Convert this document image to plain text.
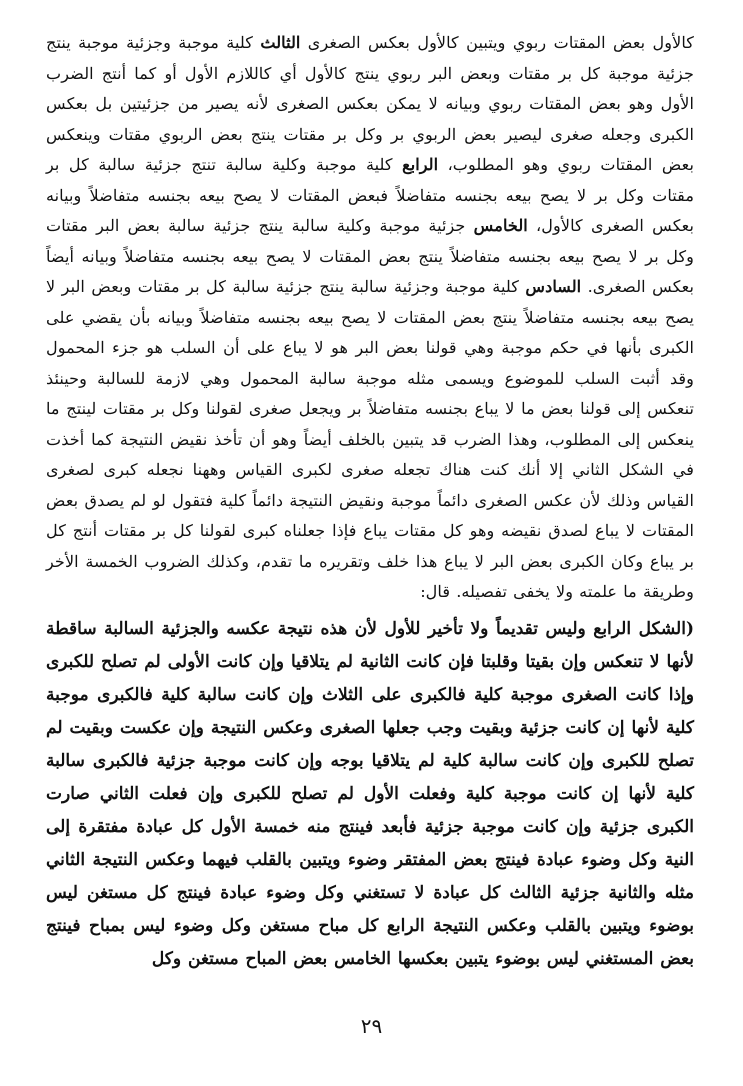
كالأول بعض المقتات ربوي ويتبين كالأول بعكس الصغرى الثالث كلية موجبة وجزئية موجبة ينتج جزئية موجبة كل بر مقتات وبعض البر ربوي ينتج كالأول أي كاللازم الأول أو كما أنتج الضرب الأول وهو بعض المقتات ربوي وبيانه لا يمكن بعكس الصغرى لأنه يصير من جزئيتين بل بعكس الكبرى وجعله صغرى ليصير بعض الربوي بر وكل بر مقتات ينتج بعض الربوي مقتات وينعكس بعض المقتات ربوي وهو المطلوب، الرابع كلية موجبة وكلية سالبة تنتج جزئية سالبة كل بر مقتات وكل بر لا يصح بيعه بجنسه متفاضلاً فبعض المقتات لا يصح بيعه بجنسه متفاضلاً وبيانه بعكس الصغرى كالأول، الخامس جزئية موجبة وكلية سالبة ينتج جزئية سالبة بعض البر مقتات وكل بر لا يصح بيعه بجنسه متفاضلاً ينتج بعض المقتات لا يصح بيعه بجنسه متفاضلاً وبيانه أيضاً بعكس الصغرى. السادس كلية موجبة وجزئية سالبة ينتج جزئية سالبة كل بر مقتات وبعض البر لا يصح بيعه بجنسه متفاضلاً ينتج بعض المقتات لا يصح بيعه بجنسه متفاضلاً وبيانه بأن يقضي على الكبرى بأنها في حكم موجبة وهي قولنا بعض البر هو لا يباع على أن السلب هو جزء المحمول وقد أثبت السلب للموضوع ويسمى مثله موجبة سالبة المحمول وهي لازمة للسالبة وحينئذ تنعكس إلى قولنا بعض ما لا يباع بجنسه متفاضلاً بر ويجعل صغرى لقولنا وكل بر مقتات لينتج ما ينعكس إلى المطلوب، وهذا الضرب قد يتبين بالخلف أيضاً وهو أن تأخذ نقيض النتيجة كما أخذت في الشكل الثاني إلا أنك كنت هناك تجعله صغرى لكبرى القياس وههنا نجعله كبرى لصغرى القياس وذلك لأن عكس الصغرى دائماً موجبة ونقيض النتيجة دائماً كلية فتقول لو لم يصدق بعض المقتات لا يباع لصدق نقيضه وهو كل مقتات يباع فإذا جعلناه كبرى لقولنا كل بر مقتات أنتج كل بر يباع وكان الكبرى بعض البر لا يباع هذا خلف وتقريره ما تقدم، وكذلك الضروب الخمسة الأخر وطريقة ما علمته ولا يخفى تفصيله. قال:

(الشكل الرابع وليس تقديماً ولا تأخير للأول لأن هذه نتيجة عكسه والجزئية السالبة ساقطة لأنها لا تنعكس وإن بقيتا وقلبتا فإن كانت الثانية لم يتلاقيا وإن كانت الأولى لم تصلح للكبرى وإذا كانت الصغرى موجبة كلية فالكبرى على الثلاث وإن كانت سالبة كلية فالكبرى موجبة كلية لأنها إن كانت جزئية وبقيت وجب جعلها الصغرى وعكس النتيجة وإن عكست وبقيت لم تصلح للكبرى وإن كانت سالبة كلية لم يتلاقيا بوجه وإن كانت موجبة جزئية فالكبرى سالبة كلية لأنها إن كانت موجبة كلية وفعلت الأول لم تصلح للكبرى وإن فعلت الثاني صارت الكبرى جزئية وإن كانت موجبة جزئية فأبعد فينتج منه خمسة الأول كل عبادة مفتقرة إلى النية وكل وضوء عبادة فينتج بعض المفتقر وضوء ويتبين بالقلب فيهما وعكس النتيجة الثاني مثله والثانية جزئية الثالث كل عبادة لا تستغني وكل وضوء عبادة فينتج كل مستغن ليس بوضوء ويتبين بالقلب وعكس النتيجة الرابع كل مباح مستغن وكل وضوء ليس بمباح فينتج بعض المستغني ليس بوضوء يتبين بعكسها الخامس بعض المباح مستغن وكل

٢٩
